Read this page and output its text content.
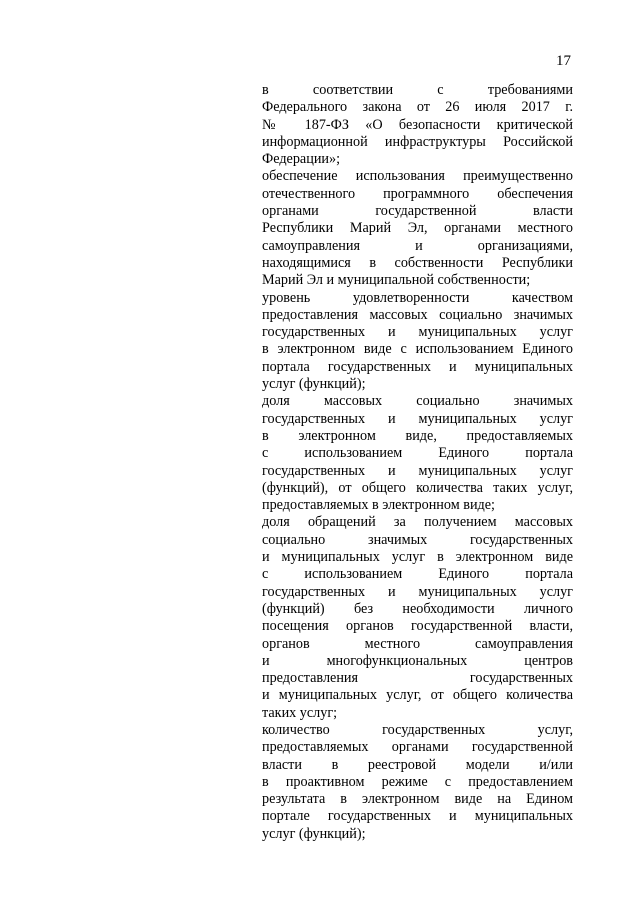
17
в соответствии с требованиями
Федерального закона от 26 июля 2017 г.
№ 187-ФЗ «О безопасности критической
информационной инфраструктуры Российской
Федерации»;
обеспечение использования преимущественно
отечественного программного обеспечения
органами государственной власти
Республики Марий Эл, органами местного
самоуправления и организациями,
находящимися в собственности Республики
Марий Эл и муниципальной собственности;
уровень удовлетворенности качеством
предоставления массовых социально значимых
государственных и муниципальных услуг
в электронном виде с использованием Единого
портала государственных и муниципальных
услуг (функций);
доля массовых социально значимых
государственных и муниципальных услуг
в электронном виде, предоставляемых
с использованием Единого портала
государственных и муниципальных услуг
(функций), от общего количества таких услуг,
предоставляемых в электронном виде;
доля обращений за получением массовых
социально значимых государственных
и муниципальных услуг в электронном виде
с использованием Единого портала
государственных и муниципальных услуг
(функций) без необходимости личного
посещения органов государственной власти,
органов местного самоуправления
и многофункциональных центров
предоставления государственных
и муниципальных услуг, от общего количества
таких услуг;
количество государственных услуг,
предоставляемых органами государственной
власти в реестровой модели и/или
в проактивном режиме с предоставлением
результата в электронном виде на Едином
портале государственных и муниципальных
услуг (функций);
